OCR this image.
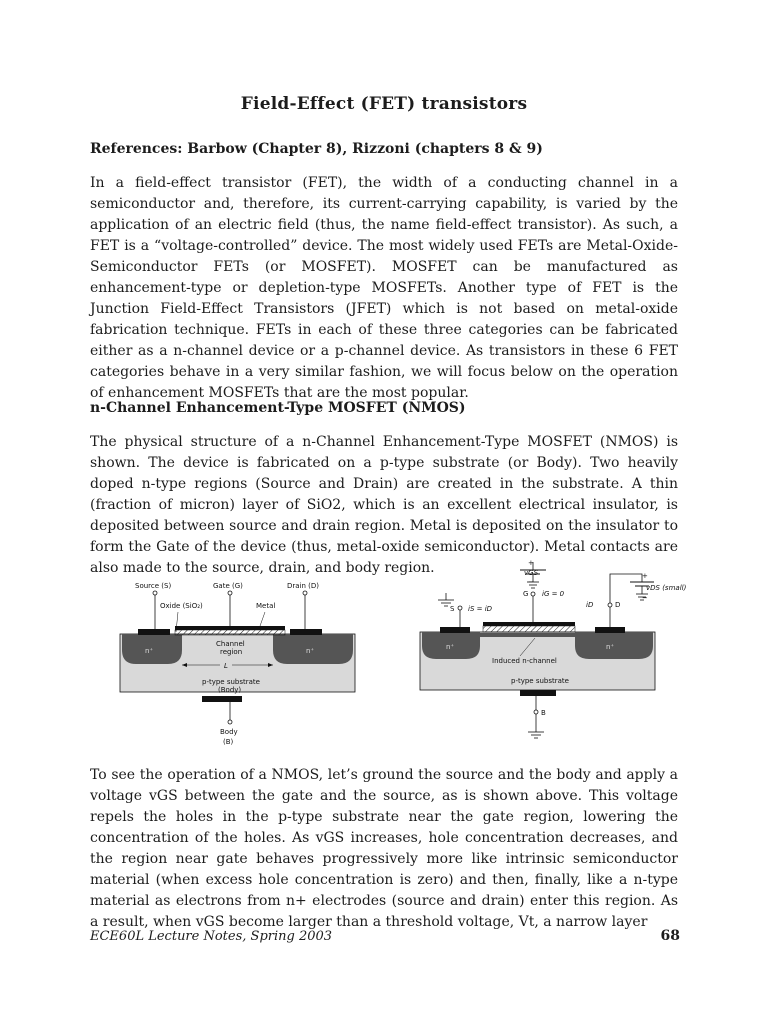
Field-Effect (FET) transistors
References: Barbow (Chapter 8), Rizzoni (chapters 8 & 9)

In a field-effect transistor (FET), the width of a conducting channel in a semiconductor and, therefore, its current-carrying capability, is varied by the application of an electric field (thus, the name field-effect transistor). As such, a FET is a “voltage-controlled” device. The most widely used FETs are Metal-Oxide-Semiconductor FETs (or MOSFET). MOSFET can be manufactured as enhancement-type or depletion-type MOSFETs. Another type of FET is the Junction Field-Effect Transistors (JFET) which is not based on metal-oxide fabrication technique. FETs in each of these three categories can be fabricated either as a n-channel device or a p-channel device. As transistors in these 6 FET categories behave in a very similar fashion, we will focus below on the operation of enhancement MOSFETs that are the most popular.

n-Channel Enhancement-Type MOSFET (NMOS)

The physical structure of a n-Channel Enhancement-Type MOSFET (NMOS) is shown. The device is fabricated on a p-type substrate (or Body). Two heavily doped n-type regions (Source and Drain) are created in the substrate. A thin (fraction of micron) layer of SiO2, which is an excellent electrical insulator, is deposited between source and drain region. Metal is deposited on the insulator to form the Gate of the device (thus, metal-oxide semiconductor). Metal contacts are also made to the source, drain, and body region.

Source (S)	Gate (G)	Drain (D)
Oxide (SiO₂)	Metal
n⁺	n⁺
Channel
region
L
p-type substrate
(Body)
Body
(B)
+
vGS
−
G iG = 0
+
vDS (small)
−
iD	D
S iS = iD
n⁺	n⁺
Induced n-channel
p-type substrate
B

To see the operation of a NMOS, let’s ground the source and the body and apply a voltage vGS between the gate and the source, as is shown above. This voltage repels the holes in the p-type substrate near the gate region, lowering the concentration of the holes. As vGS increases, hole concentration decreases, and the region near gate behaves progressively more like intrinsic semiconductor material (when excess hole concentration is zero) and then, finally, like a n-type material as electrons from n+ electrodes (source and drain) enter this region. As a result, when vGS become larger than a threshold voltage, Vt, a narrow layer

ECE60L Lecture Notes, Spring 2003	68
